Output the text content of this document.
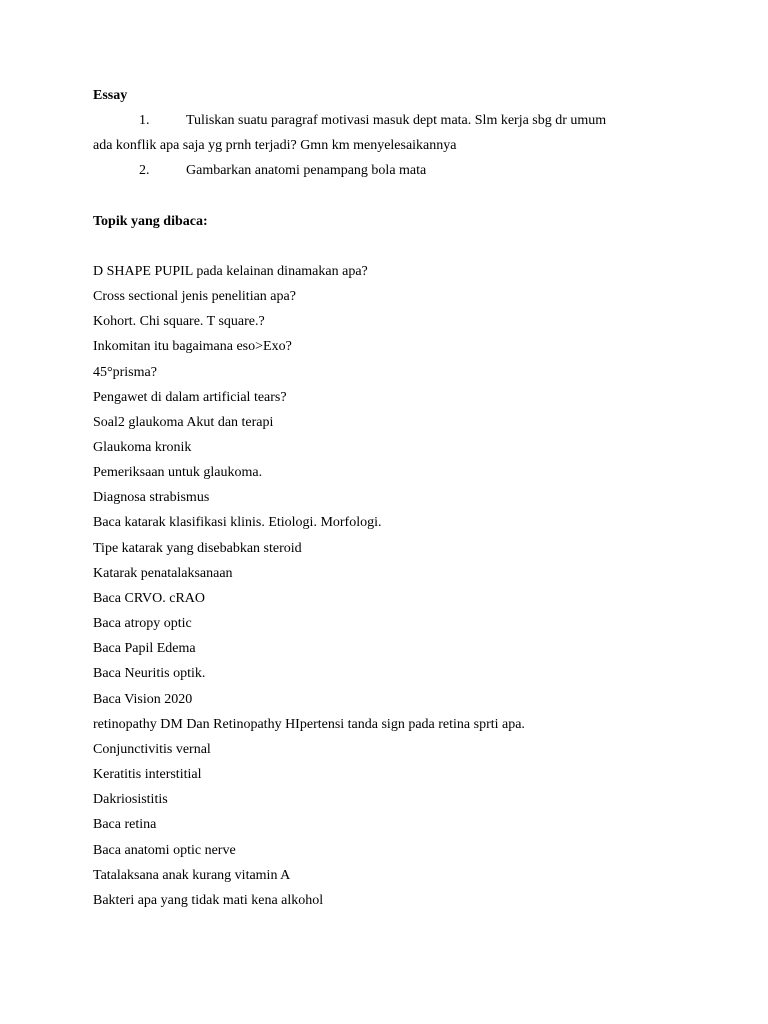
Essay
1.	Tuliskan suatu paragraf motivasi masuk dept mata. Slm kerja sbg dr umum
ada konflik apa saja yg prnh terjadi? Gmn km menyelesaikannya
2.	Gambarkan anatomi penampang bola mata
Topik yang dibaca:
D SHAPE PUPIL pada kelainan dinamakan apa?
Cross sectional jenis penelitian apa?
Kohort. Chi square. T square.?
Inkomitan itu bagaimana eso>Exo?
45°prisma?
Pengawet di dalam artificial tears?
Soal2 glaukoma Akut dan terapi
Glaukoma kronik
Pemeriksaan untuk glaukoma.
Diagnosa strabismus
Baca katarak klasifikasi klinis. Etiologi. Morfologi.
Tipe katarak yang disebabkan steroid
Katarak penatalaksanaan
Baca CRVO. cRAO
Baca atropy optic
Baca Papil Edema
Baca Neuritis optik.
Baca Vision 2020
retinopathy DM Dan Retinopathy HIpertensi tanda sign pada retina sprti apa.
Conjunctivitis vernal
Keratitis interstitial
Dakriosistitis
Baca retina
Baca anatomi optic nerve
Tatalaksana anak kurang vitamin A
Bakteri apa yang tidak mati kena alkohol
